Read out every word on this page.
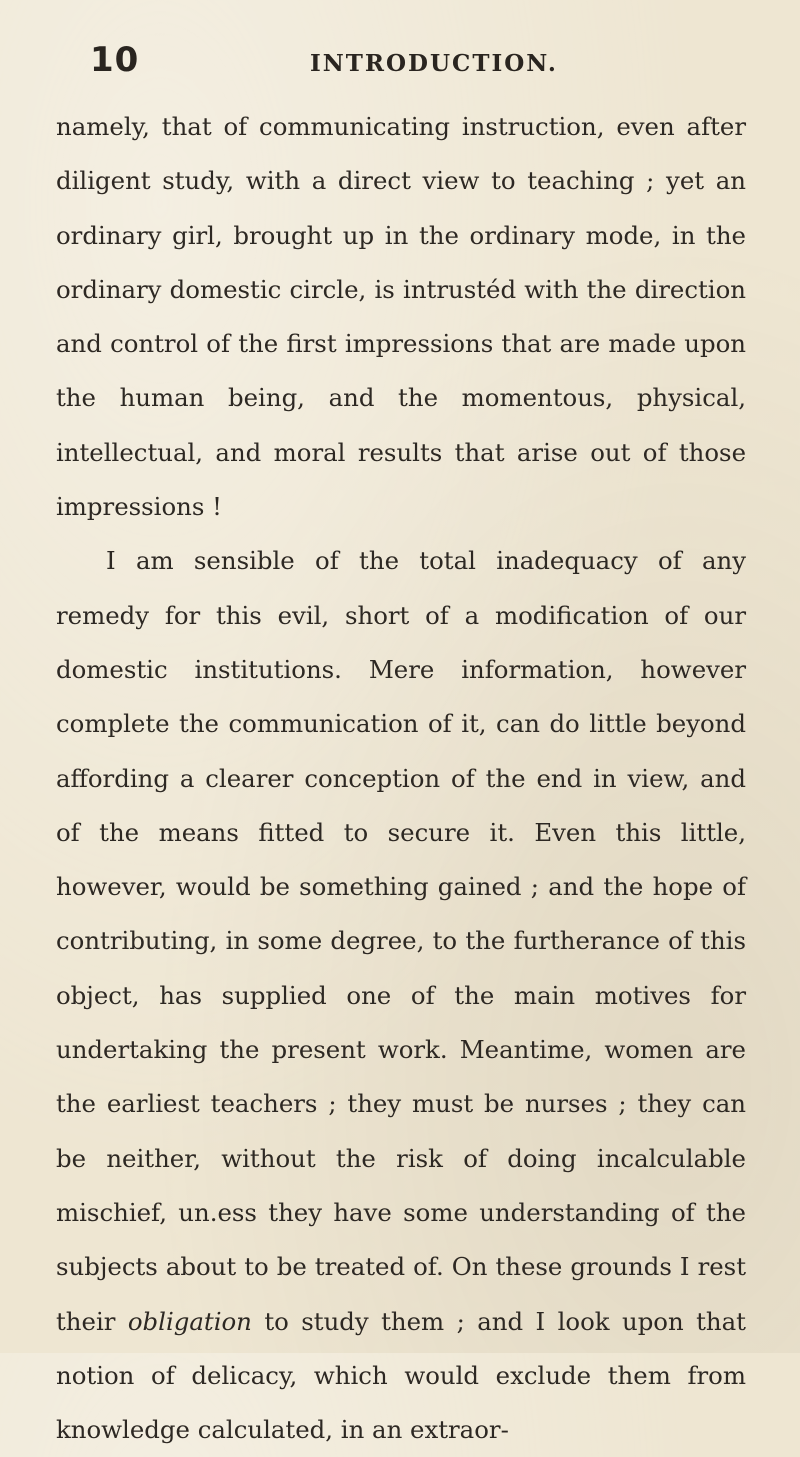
10	INTRODUCTION.

namely, that of communicating instruction, even after diligent study, with a direct view to teaching ; yet an ordinary girl, brought up in the ordinary mode, in the ordinary domestic circle, is intrustéd with the direction and control of the first impressions that are made upon the human being, and the momentous, physical, intellectual, and moral results that arise out of those impressions !

I am sensible of the total inadequacy of any remedy for this evil, short of a modification of our domestic institutions. Mere information, however complete the communication of it, can do little beyond affording a clearer conception of the end in view, and of the means fitted to secure it. Even this little, however, would be something gained ; and the hope of contributing, in some degree, to the furtherance of this object, has supplied one of the main motives for undertaking the present work. Meantime, women are the earliest teachers ; they must be nurses ; they can be neither, without the risk of doing incalculable mischief, un.ess they have some understanding of the subjects about to be treated of. On these grounds I rest their obligation to study them ; and I look upon that notion of delicacy, which would exclude them from knowledge calculated, in an extraor-
